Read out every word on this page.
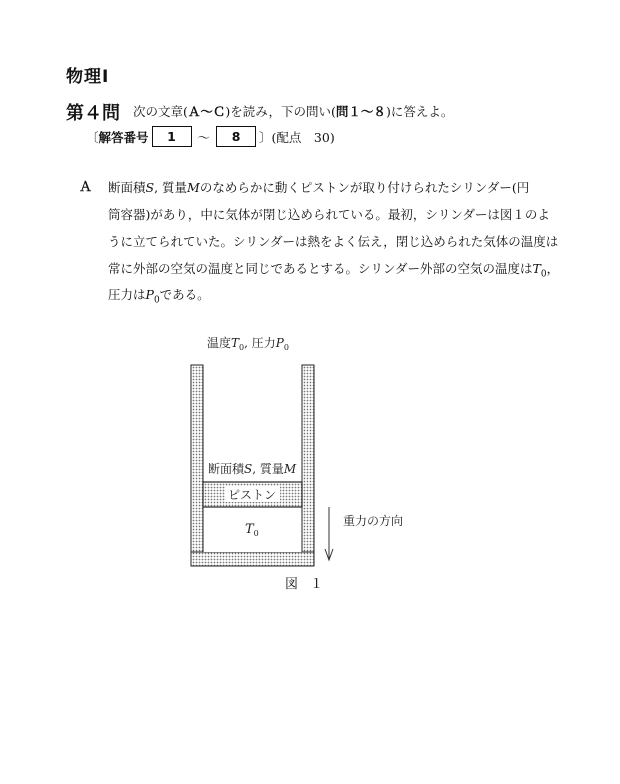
物理Ⅰ
第４問 次の文章(Ａ～Ｃ)を読み，下の問い(問１～８)に答えよ。
〔 解答番号	1	～	8	〕(配点　30)
Ａ 断面積S, 質量Mのなめらかに動くピストンが取り付けられたシリンダー(円
筒容器)があり，中に気体が閉じ込められている。最初，シリンダーは図１のよ
うに立てられていた。シリンダーは熱をよく伝え，閉じ込められた気体の温度は
常に外部の空気の温度と同じであるとする。シリンダー外部の空気の温度は$T_0$，
圧力は$P_0$である。
温度$T_0$, 圧力$P_0$
断面積S, 質量M
ピストン
$T_0$
重力の方向
図１
